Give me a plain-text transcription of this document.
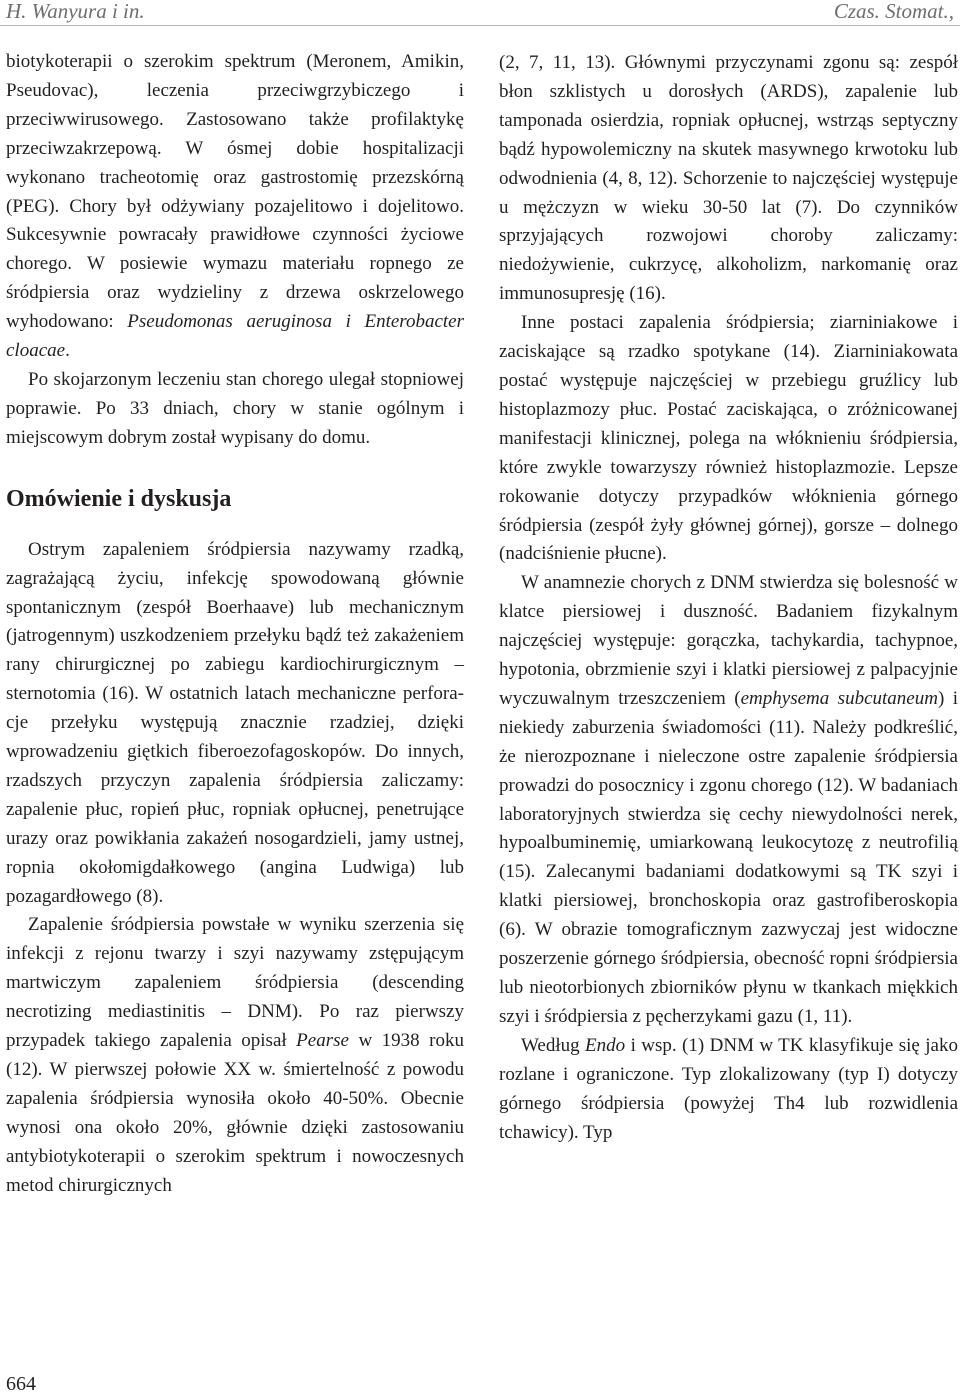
H. Wanyura i in.	Czas. Stomat.,

biotykoterapii o szerokim spektrum (Meronem, Amikin, Pseudovac), leczenia przeciwgrzybiczego i przeciwwirusowego. Zastosowano także profilaktykę przeciwzakrzepową. W ósmej dobie hospitalizacji wykonano tracheotomię oraz gastrostomię przezskórną (PEG). Chory był odżywiany pozajelitowo i dojelitowo. Sukcesywnie powracały prawidłowe czynności życiowe chorego. W posiewie wymazu materiału ropnego ze śródpiersia oraz wydzieliny z drzewa oskrzelowego wyhodowano: Pseudomonas aeruginosa i Enterobacter cloacae.

Po skojarzonym leczeniu stan chorego ulegał stopniowej poprawie. Po 33 dniach, chory w stanie ogólnym i miejscowym dobrym został wypisany do domu.

Omówienie i dyskusja

Ostrym zapaleniem śródpiersia nazywamy rzadką, zagrażającą życiu, infekcję spowodowaną głównie spontanicznym (zespół Boerhaave) lub mechanicznym (jatrogennym) uszkodzeniem przełyku bądź też zakażeniem rany chirurgicznej po zabiegu kardiochirurgicznym – sternotomia (16). W ostatnich latach mechaniczne perforacje przełyku występują znacznie rzadziej, dzięki wprowadzeniu giętkich fiberoezofagoskopów. Do innych, rzadszych przyczyn zapalenia śródpiersia zaliczamy: zapalenie płuc, ropień płuc, ropniak opłucnej, penetrujące urazy oraz powikłania zakażeń nosogardzieli, jamy ustnej, ropnia okołomigdałkowego (angina Ludwiga) lub pozagardłowego (8).

Zapalenie śródpiersia powstałe w wyniku szerzenia się infekcji z rejonu twarzy i szyi nazywamy zstępującym martwiczym zapaleniem śródpiersia (descending necrotizing mediastinitis – DNM). Po raz pierwszy przypadek takiego zapalenia opisał Pearse w 1938 roku (12). W pierwszej połowie XX w. śmiertelność z powodu zapalenia śródpiersia wynosiła około 40-50%. Obecnie wynosi ona około 20%, głównie dzięki zastosowaniu antybiotykoterapii o szerokim spektrum i nowoczesnych metod chirurgicznych

(2, 7, 11, 13). Głównymi przyczynami zgonu są: zespół błon szklistych u dorosłych (ARDS), zapalenie lub tamponada osierdzia, ropniak opłucnej, wstrząs septyczny bądź hypowolemiczny na skutek masywnego krwotoku lub odwodnienia (4, 8, 12). Schorzenie to najczęściej występuje u mężczyzn w wieku 30-50 lat (7). Do czynników sprzyjających rozwojowi choroby zaliczamy: niedożywienie, cukrzycę, alkoholizm, narkomanię oraz immunosupresję (16).

Inne postaci zapalenia śródpiersia; ziarniniakowe i zaciskające są rzadko spotykane (14). Ziarniniakowata postać występuje najczęściej w przebiegu gruźlicy lub histoplazmozy płuc. Postać zaciskająca, o zróżnicowanej manifestacji klinicznej, polega na włóknieniu śródpiersia, które zwykle towarzyszy również histoplazmozie. Lepsze rokowanie dotyczy przypadków włóknienia górnego śródpiersia (zespół żyły głównej górnej), gorsze – dolnego (nadciśnienie płucne).

W anamnezie chorych z DNM stwierdza się bolesność w klatce piersiowej i duszność. Badaniem fizykalnym najczęściej występuje: gorączka, tachykardia, tachypnoe, hypotonia, obrzmienie szyi i klatki piersiowej z palpacyjnie wyczuwalnym trzeszczeniem (emphysema subcutaneum) i niekiedy zaburzenia świadomości (11). Należy podkreślić, że nierozpoznane i nieleczone ostre zapalenie śródpiersia prowadzi do posocznicy i zgonu chorego (12). W badaniach laboratoryjnych stwierdza się cechy niewydolności nerek, hypoalbuminemię, umiarkowaną leukocytozę z neutrofilią (15). Zalecanymi badaniami dodatkowymi są TK szyi i klatki piersiowej, bronchoskopia oraz gastrofiberoskopia (6). W obrazie tomograficznym zazwyczaj jest widoczne poszerzenie górnego śródpiersia, obecność ropni śródpiersia lub nieotorbionych zbiorników płynu w tkankach miękkich szyi i śródpiersia z pęcherzykami gazu (1, 11).

Według Endo i wsp. (1) DNM w TK klasyfikuje się jako rozlane i ograniczone. Typ zlokalizowany (typ I) dotyczy górnego śródpiersia (powyżej Th4 lub rozwidlenia tchawicy). Typ

664
